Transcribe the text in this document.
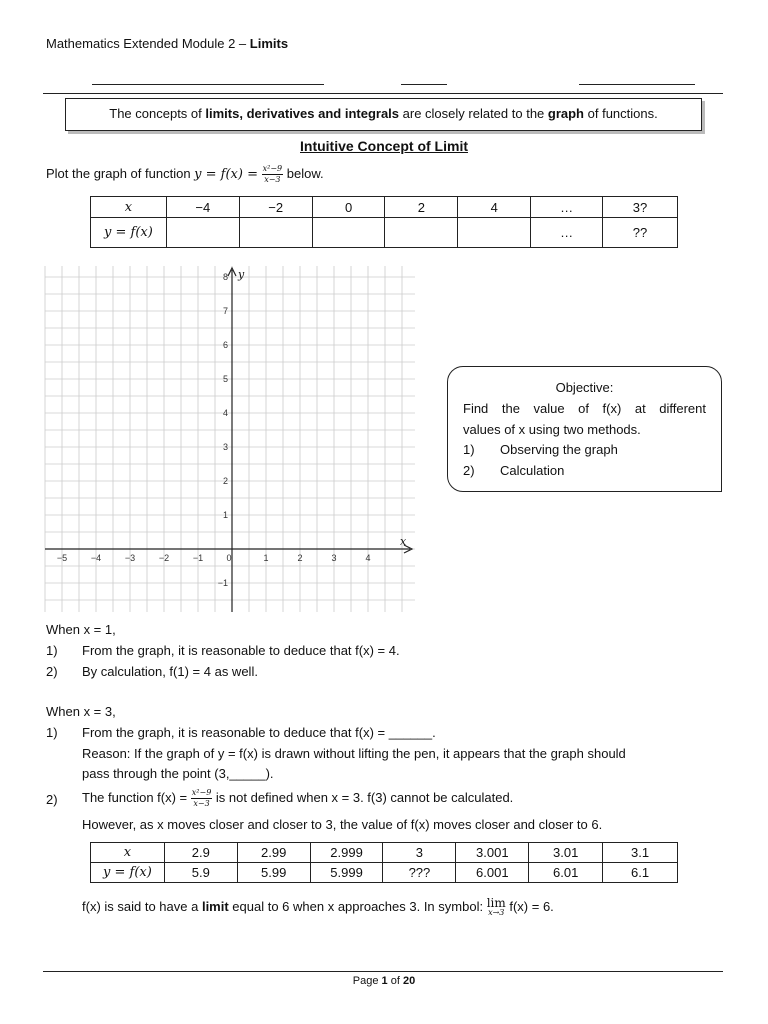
Mathematics Extended Module 2 – Limits
The concepts of limits, derivatives and integrals are closely related to the graph of functions.
Intuitive Concept of Limit
Plot the graph of function $y = f(x) = \frac{\text{x²−9}}{x-3}$ below.
x	−4	−2	0	2	4	…	3?
y = f(x)						…	??
y
x
8
7
6
5
4
3
2
1
−1
−5	−4	−3	−2	−1	0	1	2	3	4
Objective:
Find the value of f(x) at different
values of x using two methods.
1) Observing the graph
2) Calculation
When x = 1,
1) From the graph, it is reasonable to deduce that f(x) = 4.
2) By calculation, f(1) = 4 as well.
When x = 3,
1) From the graph, it is reasonable to deduce that f(x) = ______.
Reason: If the graph of y = f(x) is drawn without lifting the pen, it appears that the graph should
pass through the point (3,_____).
2) The function $f(x) = \frac{\text{x²−9}}{x-3}$ is not defined when x = 3. f(3) cannot be calculated.
However, as x moves closer and closer to 3, the value of f(x) moves closer and closer to 6.
x	2.9	2.99	2.999	3	3.001	3.01	3.1
y = f(x)	5.9	5.99	5.999	???	6.001	6.01	6.1
f(x) is said to have a limit equal to 6 when x approaches 3. In symbol: lim
x→3 f(x) = 6.
Page 1 of 20
